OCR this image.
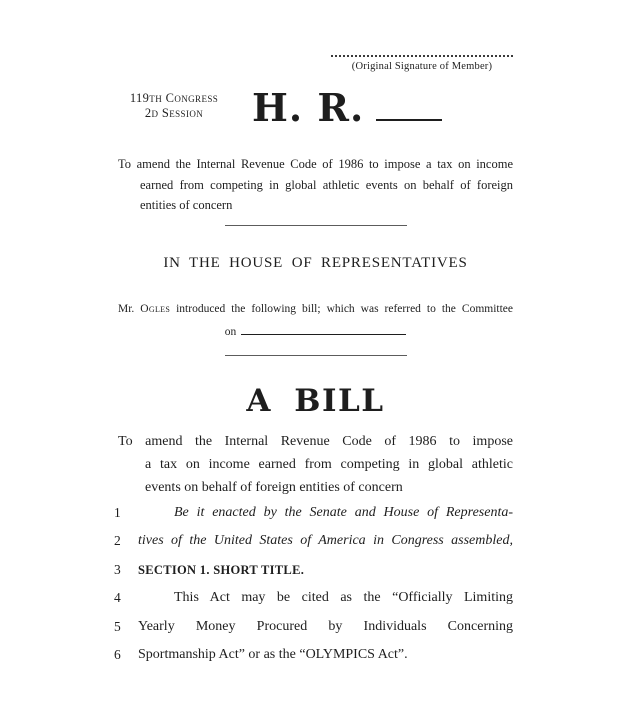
(Original Signature of Member)
119th Congress
2d Session	H. R.
To amend the Internal Revenue Code of 1986 to impose a tax on income
earned from competing in global athletic events on behalf of foreign
entities of concern
IN THE HOUSE OF REPRESENTATIVES
Mr. Ogles introduced the following bill; which was referred to the Committee
on
A BILL
To amend the Internal Revenue Code of 1986 to impose
a tax on income earned from competing in global athletic
events on behalf of foreign entities of concern
1	Be it enacted by the Senate and House of Representa-
2	tives of the United States of America in Congress assembled,
3	SECTION 1. SHORT TITLE.
4	This Act may be cited as the “Officially Limiting
5	Yearly Money Procured by Individuals Concerning
6	Sportmanship Act” or as the “OLYMPICS Act”.
